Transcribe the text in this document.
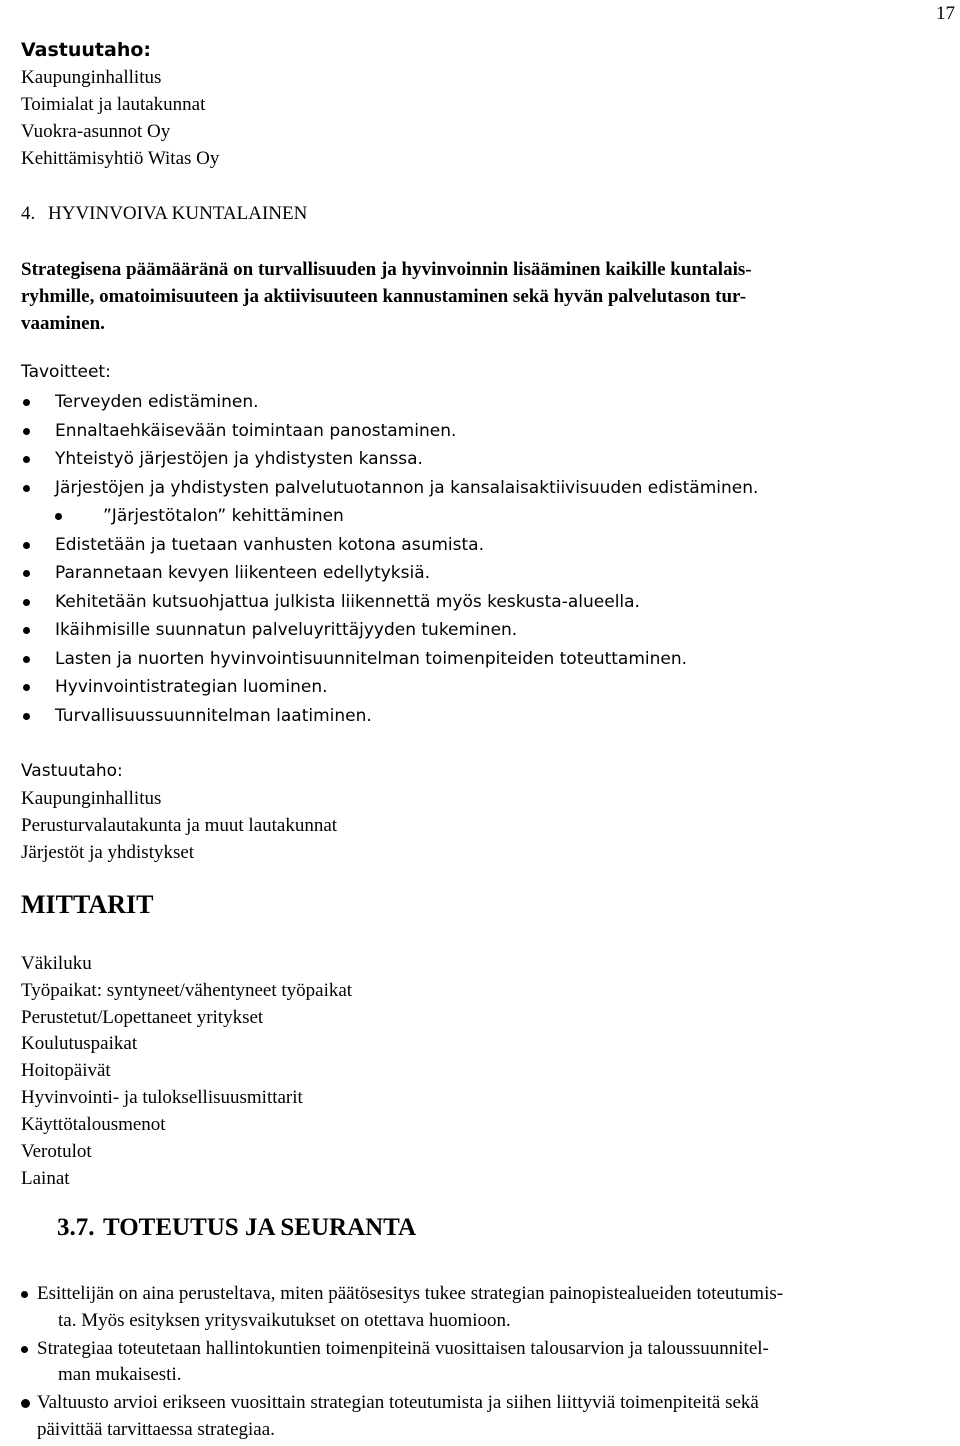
17
Vastuutaho:
Kaupunginhallitus
Toimialat ja lautakunnat
Vuokra-asunnot Oy
Kehittämisyhtiö Witas Oy
4. HYVINVOIVA KUNTALAINEN
Strategisena päämääränä on turvallisuuden ja hyvinvoinnin lisääminen kaikille kuntalais-
ryhmille, omatoimisuuteen ja aktiivisuuteen kannustaminen sekä hyvän palvelutason tur-
vaaminen.
Tavoitteet:
Terveyden edistäminen.
Ennaltaehkäisevään toimintaan panostaminen.
Yhteistyö järjestöjen ja yhdistysten kanssa.
Järjestöjen ja yhdistysten palvelutuotannon ja kansalaisaktiivisuuden edistäminen.
”Järjestötalon” kehittäminen
Edistetään ja tuetaan vanhusten kotona asumista.
Parannetaan kevyen liikenteen edellytyksiä.
Kehitetään kutsuohjattua julkista liikennettä myös keskusta-alueella.
Ikäihmisille suunnatun palveluyrittäjyyden tukeminen.
Lasten ja nuorten hyvinvointisuunnitelman toimenpiteiden toteuttaminen.
Hyvinvointistrategian luominen.
Turvallisuussuunnitelman laatiminen.
Vastuutaho:
Kaupunginhallitus
Perusturvalautakunta ja muut lautakunnat
Järjestöt ja yhdistykset
MITTARIT
Väkiluku
Työpaikat: syntyneet/vähentyneet työpaikat
Perustetut/Lopettaneet yritykset
Koulutuspaikat
Hoitopäivät
Hyvinvointi- ja tuloksellisuusmittarit
Käyttötalousmenot
Verotulot
Lainat
3.7. TOTEUTUS JA SEURANTA
Esittelijän on aina perusteltava, miten päätösesitys tukee strategian painopistealueiden toteutumis-
ta. Myös esityksen yritysvaikutukset on otettava huomioon.
Strategiaa toteutetaan hallintokuntien toimenpiteinä vuosittaisen talousarvion ja taloussuunnitel-
man mukaisesti.
Valtuusto arvioi erikseen vuosittain strategian toteutumista ja siihen liittyviä toimenpiteitä sekä
päivittää tarvittaessa strategiaa.
